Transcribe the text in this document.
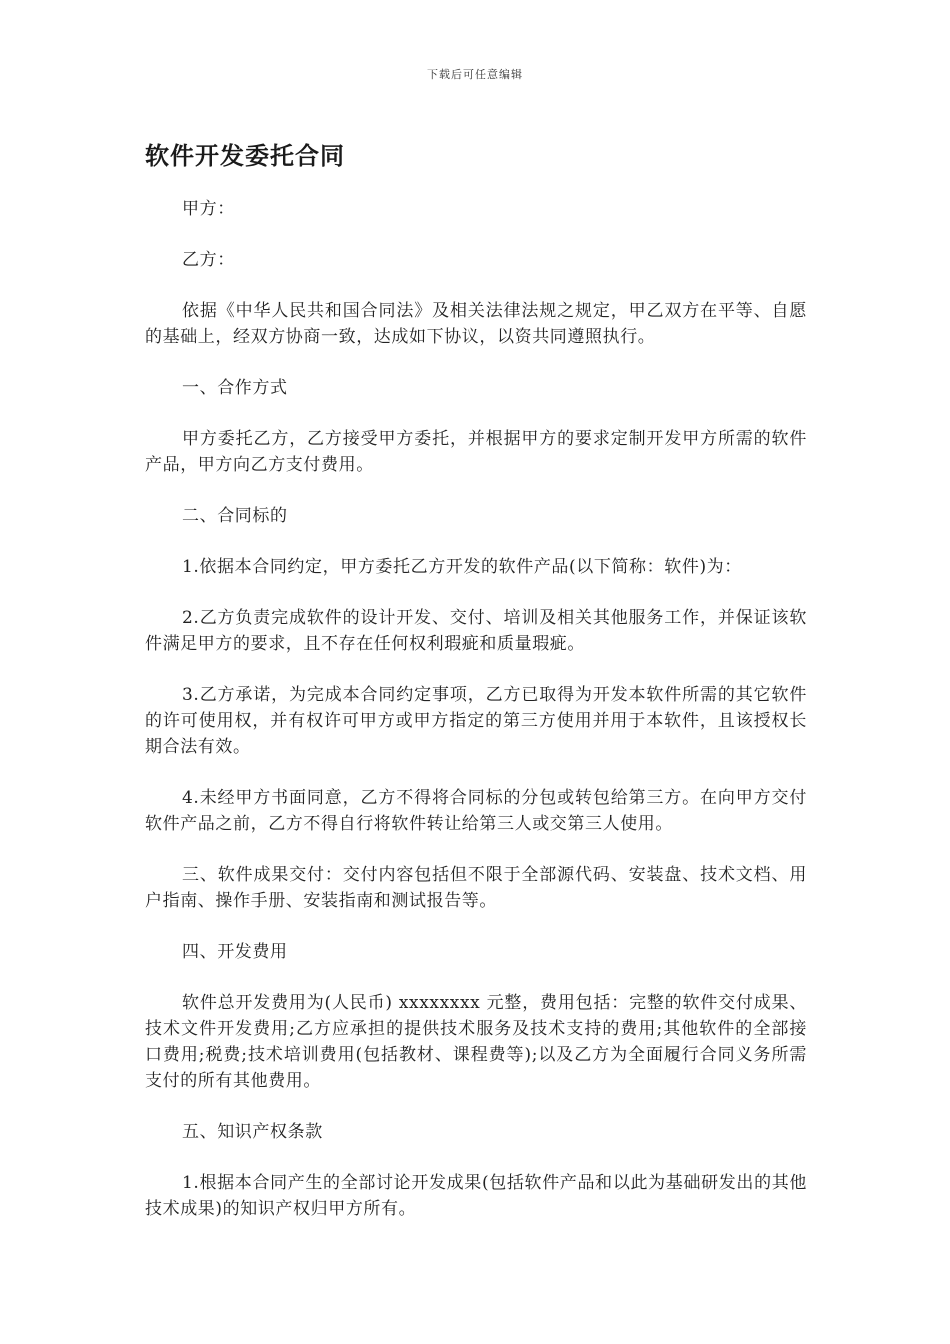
下载后可任意编辑
软件开发委托合同

甲方：

乙方：

依据《中华人民共和国合同法》及相关法律法规之规定，甲乙双方在平等、自愿的基础上，经双方协商一致，达成如下协议，以资共同遵照执行。

一、合作方式

甲方委托乙方，乙方接受甲方委托，并根据甲方的要求定制开发甲方所需的软件产品，甲方向乙方支付费用。

二、合同标的

1.依据本合同约定，甲方委托乙方开发的软件产品(以下简称：软件)为：

2.乙方负责完成软件的设计开发、交付、培训及相关其他服务工作，并保证该软件满足甲方的要求，且不存在任何权利瑕疵和质量瑕疵。

3.乙方承诺，为完成本合同约定事项，乙方已取得为开发本软件所需的其它软件的许可使用权，并有权许可甲方或甲方指定的第三方使用并用于本软件，且该授权长期合法有效。

4.未经甲方书面同意，乙方不得将合同标的分包或转包给第三方。在向甲方交付软件产品之前，乙方不得自行将软件转让给第三人或交第三人使用。

三、软件成果交付：交付内容包括但不限于全部源代码、安装盘、技术文档、用户指南、操作手册、安装指南和测试报告等。

四、开发费用

软件总开发费用为(人民币) xxxxxxxx 元整，费用包括：完整的软件交付成果、技术文件开发费用;乙方应承担的提供技术服务及技术支持的费用;其他软件的全部接口费用;税费;技术培训费用(包括教材、课程费等);以及乙方为全面履行合同义务所需支付的所有其他费用。

五、知识产权条款

1.根据本合同产生的全部讨论开发成果(包括软件产品和以此为基础研发出的其他技术成果)的知识产权归甲方所有。
